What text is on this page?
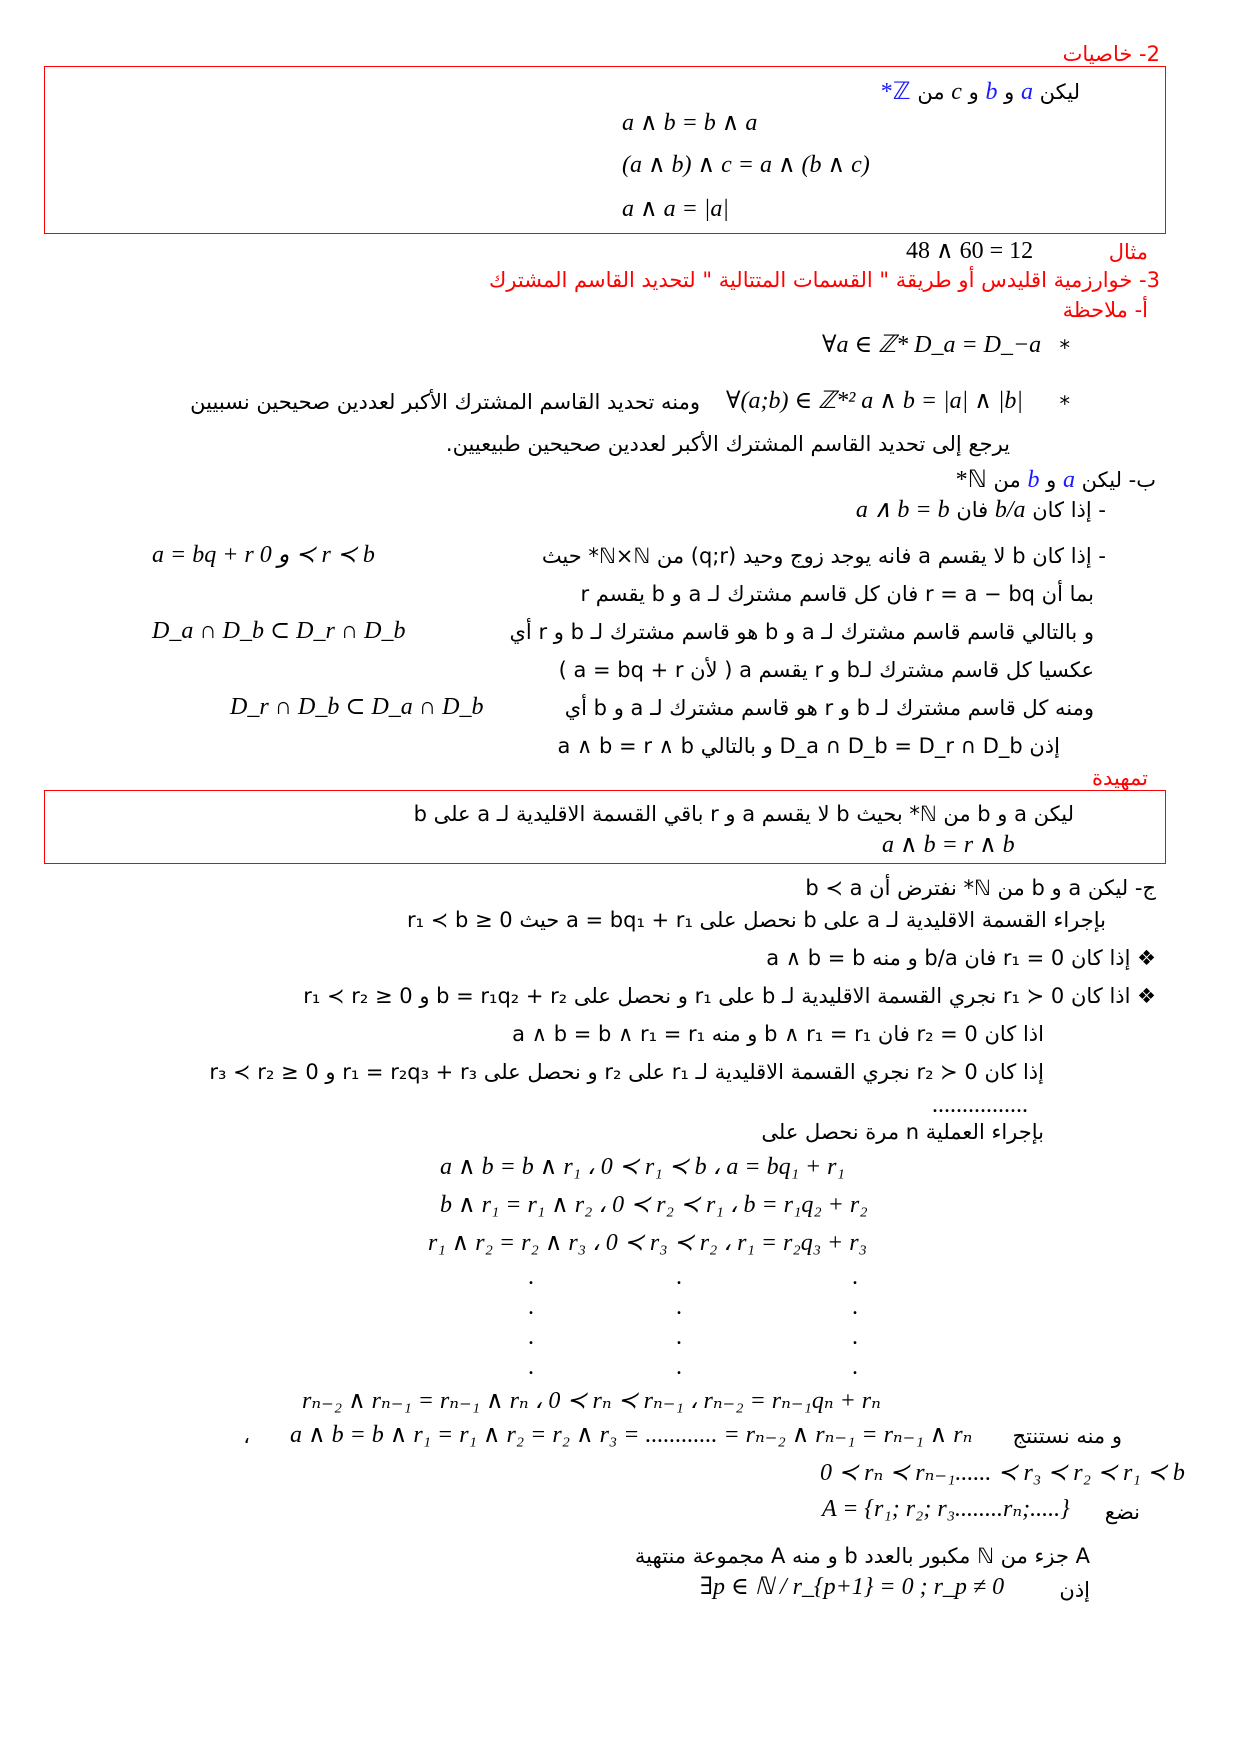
2- خاصيات
ليكن a و b و c من ℤ*
a ∧ b = b ∧ a
(a ∧ b) ∧ c = a ∧ (b ∧ c)
a ∧ a = |a|
مثال
48 ∧ 60 = 12
3- خوارزمية اقليدس أو طريقة " القسمات المتتالية " لتحديد القاسم المشترك
أ- ملاحظة
*
∀a ∈ ℤ* D_a = D_−a
*
∀(a;b) ∈ ℤ*² a ∧ b = |a| ∧ |b|
ومنه تحديد القاسم المشترك الأكبر لعددين صحيحين نسبيين
يرجع إلى تحديد القاسم المشترك الأكبر لعددين صحيحين طبيعيين.
ب- ليكن a و b من ℕ*
- إذا كان b/a فان a ∧ b = b
- إذا كان b لا يقسم a فانه يوجد زوج وحيد (q;r) من ℕ×ℕ* حيث
a = bq + r و 0 ≺ r ≺ b
بما أن r = a − bq فان كل قاسم مشترك لـ a و b يقسم r
و بالتالي قاسم قاسم مشترك لـ a و b هو قاسم مشترك لـ b و r أي
D_a ∩ D_b ⊂ D_r ∩ D_b
عكسيا كل قاسم مشترك لـb و r يقسم a ( لأن a = bq + r )
ومنه كل قاسم مشترك لـ b و r هو قاسم مشترك لـ a و b أي
D_r ∩ D_b ⊂ D_a ∩ D_b
إذن D_a ∩ D_b = D_r ∩ D_b و بالتالي a ∧ b = r ∧ b
تمهيدة
ليكن a و b من ℕ* بحيث b لا يقسم a و r باقي القسمة الاقليدية لـ a على b
a ∧ b = r ∧ b
ج- ليكن a و b من ℕ* نفترض أن b ≺ a
بإجراء القسمة الاقليدية لـ a على b نحصل على a = bq₁ + r₁ حيث 0 ≤ r₁ ≺ b
❖ إذا كان r₁ = 0 فان b/a و منه a ∧ b = b
❖ اذا كان r₁ ≻ 0 نجري القسمة الاقليدية لـ b على r₁ و نحصل على b = r₁q₂ + r₂ و 0 ≤ r₁ ≺ r₂
اذا كان r₂ = 0 فان b ∧ r₁ = r₁ و منه a ∧ b = b ∧ r₁ = r₁
إذا كان r₂ ≻ 0 نجري القسمة الاقليدية لـ r₁ على r₂ و نحصل على r₁ = r₂q₃ + r₃ و 0 ≤ r₃ ≺ r₂
................
بإجراء العملية n مرة نحصل على
a ∧ b = b ∧ r₁ ، 0 ≺ r₁ ≺ b ، a = bq₁ + r₁
b ∧ r₁ = r₁ ∧ r₂ ، 0 ≺ r₂ ≺ r₁ ، b = r₁q₂ + r₂
r₁ ∧ r₂ = r₂ ∧ r₃ ، 0 ≺ r₃ ≺ r₂ ، r₁ = r₂q₃ + r₃
.
.
.
.
.
.
.
.
.
.
.
.
rₙ₋₂ ∧ rₙ₋₁ = rₙ₋₁ ∧ rₙ ، 0 ≺ rₙ ≺ rₙ₋₁ ، rₙ₋₂ = rₙ₋₁qₙ + rₙ
و منه نستنتج
a ∧ b = b ∧ r₁ = r₁ ∧ r₂ = r₂ ∧ r₃ = ............ = rₙ₋₂ ∧ rₙ₋₁ = rₙ₋₁ ∧ rₙ
،
0 ≺ rₙ ≺ rₙ₋₁...... ≺ r₃ ≺ r₂ ≺ r₁ ≺ b
نضع
A = {r₁; r₂; r₃........rₙ;.....}
A جزء من ℕ مكبور بالعدد b و منه A مجموعة منتهية
إذن
∃p ∈ ℕ / r_{p+1} = 0 ; r_p ≠ 0
